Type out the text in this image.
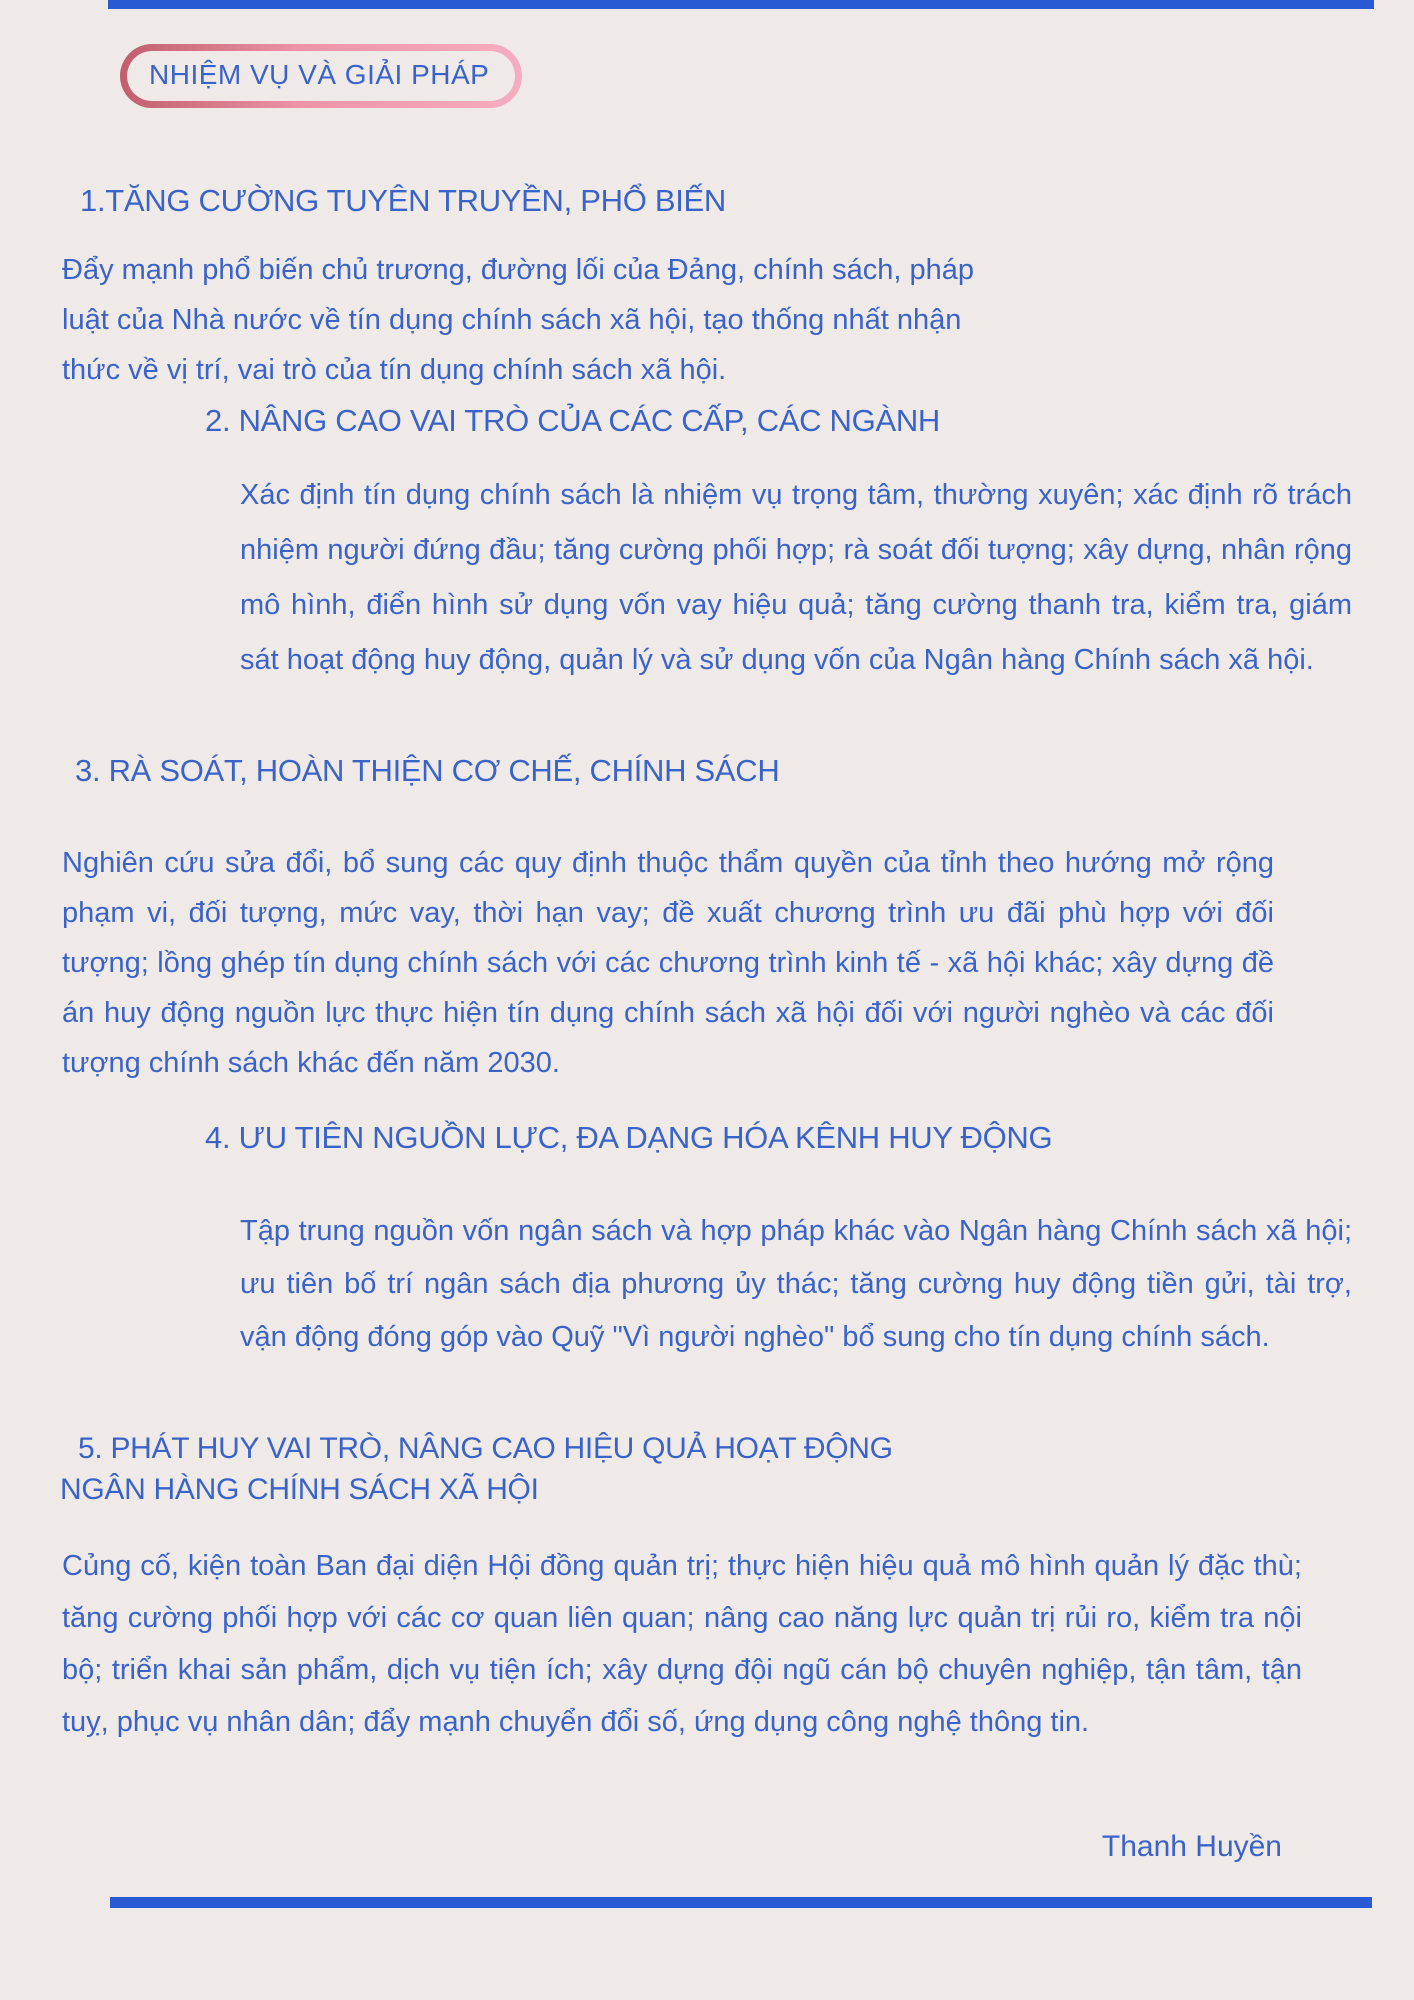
NHIỆM VỤ VÀ GIẢI PHÁP
1.TĂNG CƯỜNG TUYÊN TRUYỀN, PHỔ BIẾN
Đẩy mạnh phổ biến chủ trương, đường lối của Đảng, chính sách, pháp luật của Nhà nước về tín dụng chính sách xã hội, tạo thống nhất nhận thức về vị trí, vai trò của tín dụng chính sách xã hội.
2. NÂNG CAO VAI TRÒ CỦA CÁC CẤP, CÁC NGÀNH
Xác định tín dụng chính sách là nhiệm vụ trọng tâm, thường xuyên; xác định rõ trách nhiệm người đứng đầu; tăng cường phối hợp; rà soát đối tượng; xây dựng, nhân rộng mô hình, điển hình sử dụng vốn vay hiệu quả; tăng cường thanh tra, kiểm tra, giám sát hoạt động huy động, quản lý và sử dụng vốn của Ngân hàng Chính sách xã hội.
3. RÀ SOÁT, HOÀN THIỆN CƠ CHẾ, CHÍNH SÁCH
Nghiên cứu sửa đổi, bổ sung các quy định thuộc thẩm quyền của tỉnh theo hướng mở rộng phạm vi, đối tượng, mức vay, thời hạn vay; đề xuất chương trình ưu đãi phù hợp với đối tượng; lồng ghép tín dụng chính sách với các chương trình kinh tế - xã hội khác; xây dựng đề án huy động nguồn lực thực hiện tín dụng chính sách xã hội đối với người nghèo và các đối tượng chính sách khác đến năm 2030.
4. ƯU TIÊN NGUỒN LỰC, ĐA DẠNG HÓA KÊNH HUY ĐỘNG
Tập trung nguồn vốn ngân sách và hợp pháp khác vào Ngân hàng Chính sách xã hội; ưu tiên bố trí ngân sách địa phương ủy thác; tăng cường huy động tiền gửi, tài trợ, vận động đóng góp vào Quỹ "Vì người nghèo" bổ sung cho tín dụng chính sách.
5. PHÁT HUY VAI TRÒ, NÂNG CAO HIỆU QUẢ HOẠT ĐỘNG NGÂN HÀNG CHÍNH SÁCH XÃ HỘI
Củng cố, kiện toàn Ban đại diện Hội đồng quản trị; thực hiện hiệu quả mô hình quản lý đặc thù; tăng cường phối hợp với các cơ quan liên quan; nâng cao năng lực quản trị rủi ro, kiểm tra nội bộ; triển khai sản phẩm, dịch vụ tiện ích; xây dựng đội ngũ cán bộ chuyên nghiệp, tận tâm, tận tuỵ, phục vụ nhân dân; đẩy mạnh chuyển đổi số, ứng dụng công nghệ thông tin.
Thanh Huyền
